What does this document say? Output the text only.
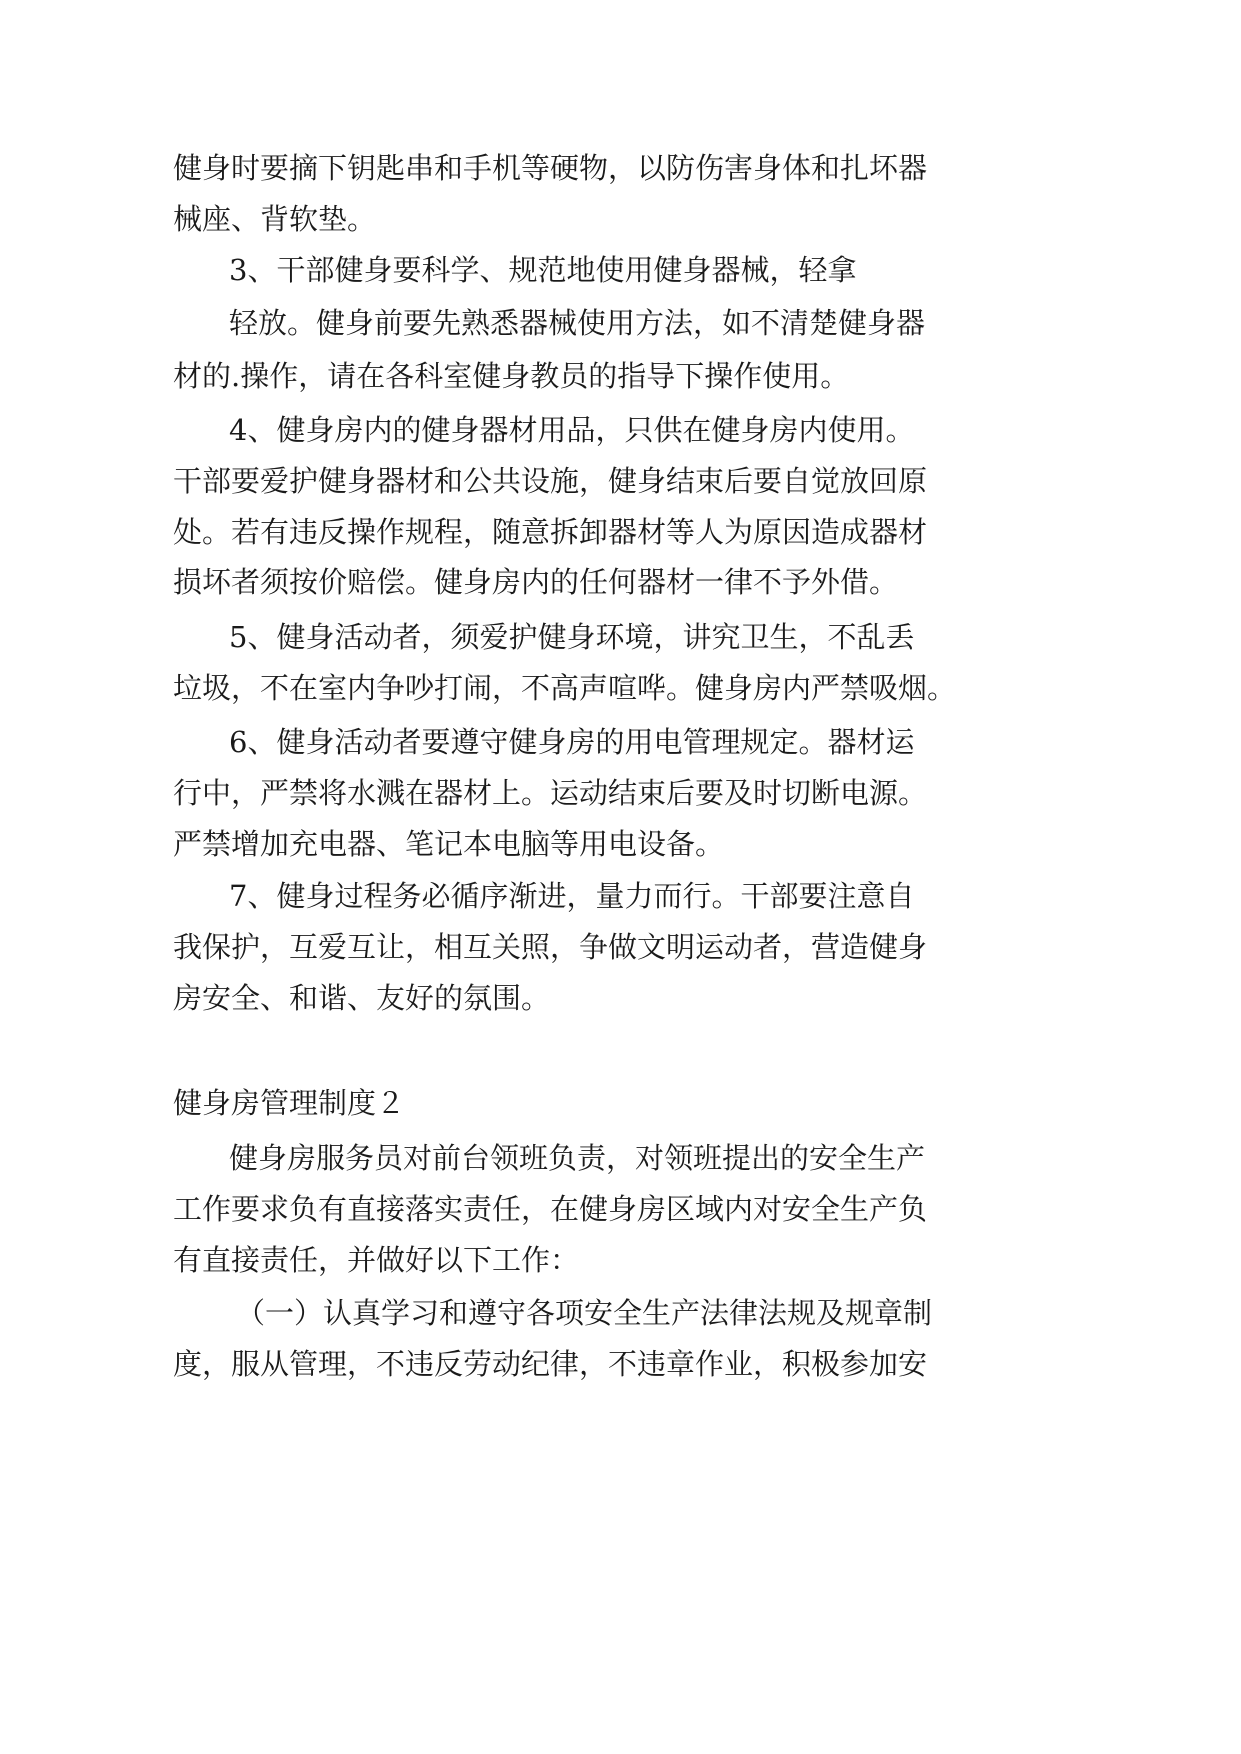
健身时要摘下钥匙串和手机等硬物，以防伤害身体和扎坏器

械座、背软垫。

3、干部健身要科学、规范地使用健身器械，轻拿

轻放。健身前要先熟悉器械使用方法，如不清楚健身器

材的.操作，请在各科室健身教员的指导下操作使用。

4、健身房内的健身器材用品，只供在健身房内使用。

干部要爱护健身器材和公共设施，健身结束后要自觉放回原

处。若有违反操作规程，随意拆卸器材等人为原因造成器材

损坏者须按价赔偿。健身房内的任何器材一律不予外借。

5、健身活动者，须爱护健身环境，讲究卫生，不乱丢

垃圾，不在室内争吵打闹，不高声喧哗。健身房内严禁吸烟。

6、健身活动者要遵守健身房的用电管理规定。器材运

行中，严禁将水溅在器材上。运动结束后要及时切断电源。

严禁增加充电器、笔记本电脑等用电设备。

7、健身过程务必循序渐进，量力而行。干部要注意自

我保护，互爱互让，相互关照，争做文明运动者，营造健身

房安全、和谐、友好的氛围。

健身房管理制度２

健身房服务员对前台领班负责，对领班提出的安全生产

工作要求负有直接落实责任，在健身房区域内对安全生产负

有直接责任，并做好以下工作：

（一）认真学习和遵守各项安全生产法律法规及规章制

度，服从管理，不违反劳动纪律，不违章作业，积极参加安
